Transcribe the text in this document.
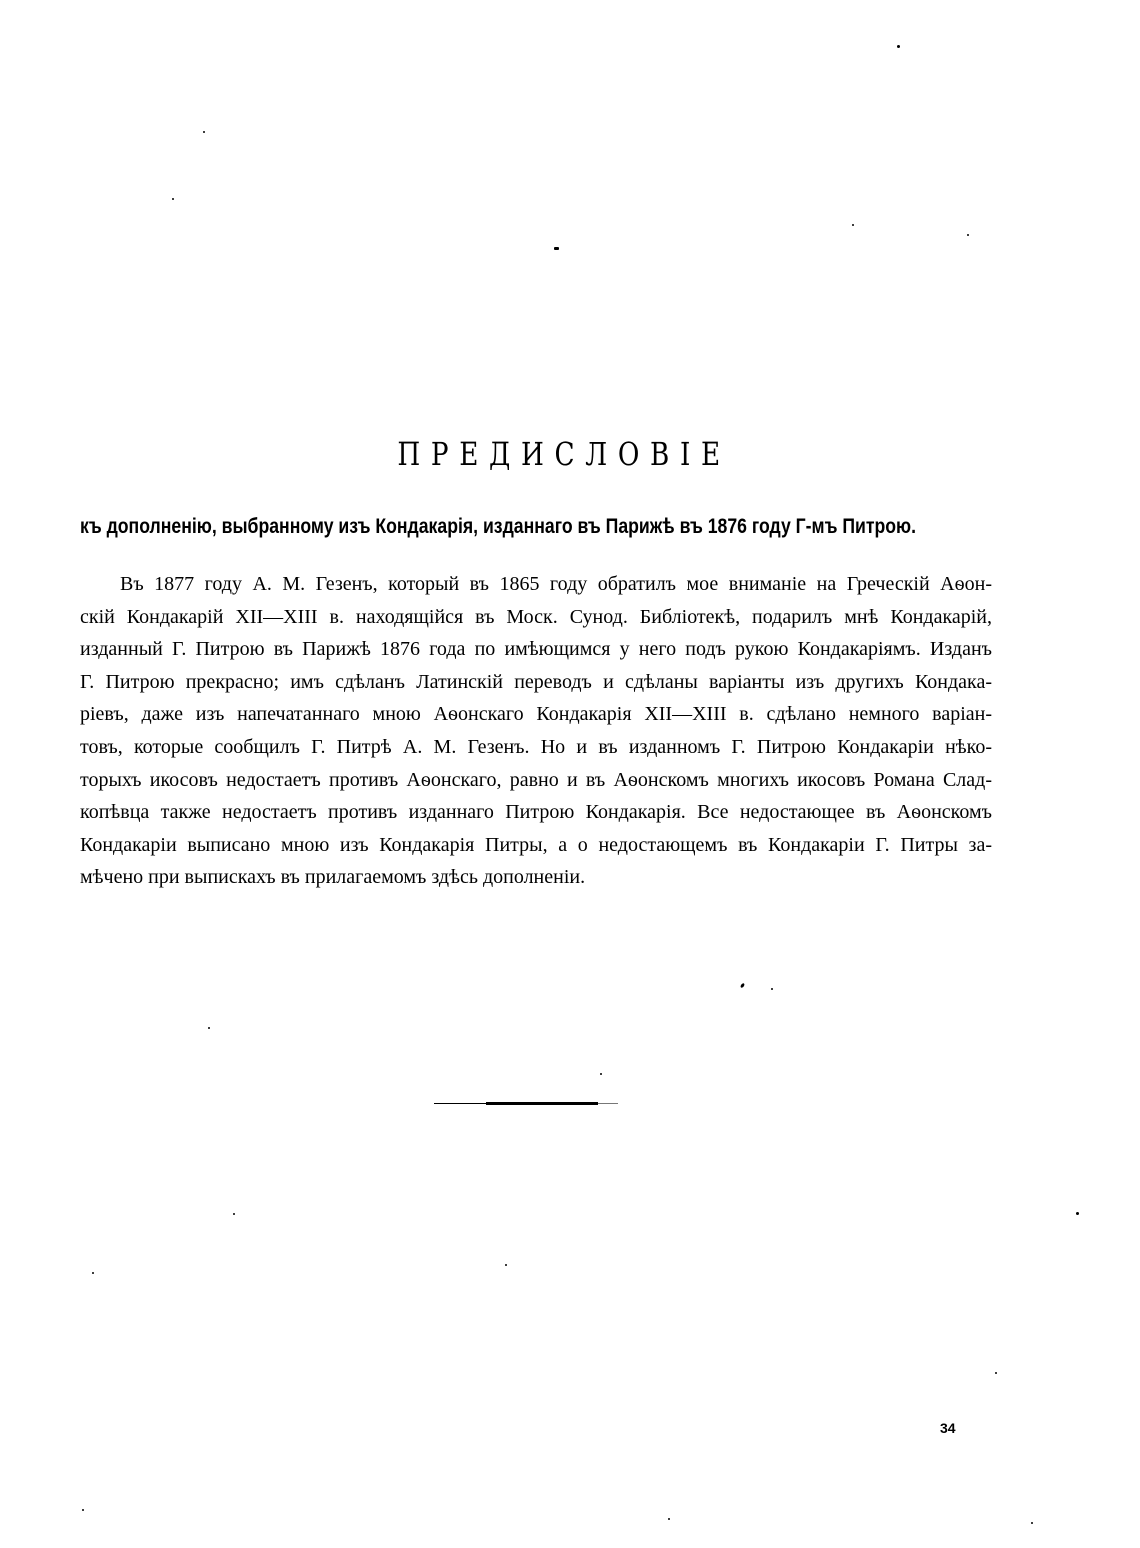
ПРЕДИСЛОВІЕ
къ дополненію, выбранному изъ Кондакарія, изданнаго въ Парижѣ въ 1876 году Г-мъ Питрою.
Въ 1877 году А. М. Гезенъ, который въ 1865 году обратилъ мое вниманіе на Греческій Аѳон-
скій Кондакарій XII—XIII в. находящійся въ Моск. Сунод. Библіотекѣ, подарилъ мнѣ Кондакарій,
изданный Г. Питрою въ Парижѣ 1876 года по имѣющимся у него подъ рукою Кондакаріямъ. Изданъ
Г. Питрою прекрасно; имъ сдѣланъ Латинскій переводъ и сдѣланы варіанты изъ другихъ Кондака-
ріевъ, даже изъ напечатаннаго мною Аѳонскаго Кондакарія XII—XIII в. сдѣлано немного варіан-
товъ, которые сообщилъ Г. Питрѣ А. М. Гезенъ. Но и въ изданномъ Г. Питрою Кондакаріи нѣко-
торыхъ икосовъ недостаетъ противъ Аѳонскаго, равно и въ Аѳонскомъ многихъ икосовъ Романа Слад-
копѣвца также недостаетъ противъ изданнаго Питрою Кондакарія. Все недостающее въ Аѳонскомъ
Кондакаріи выписано мною изъ Кондакарія Питры, а о недостающемъ въ Кондакаріи Г. Питры за-
мѣчено при выпискахъ въ прилагаемомъ здѣсь дополненіи.
34
